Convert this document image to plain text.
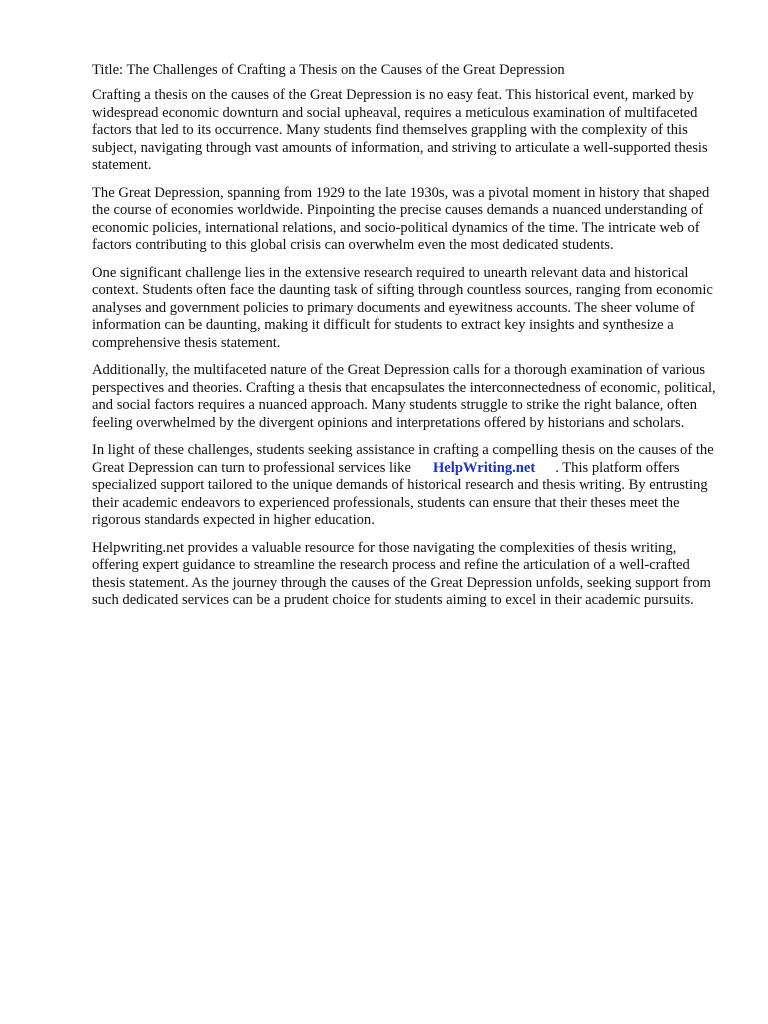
Title: The Challenges of Crafting a Thesis on the Causes of the Great Depression

Crafting a thesis on the causes of the Great Depression is no easy feat. This historical event, marked by widespread economic downturn and social upheaval, requires a meticulous examination of multifaceted factors that led to its occurrence. Many students find themselves grappling with the complexity of this subject, navigating through vast amounts of information, and striving to articulate a well-supported thesis statement.

The Great Depression, spanning from 1929 to the late 1930s, was a pivotal moment in history that shaped the course of economies worldwide. Pinpointing the precise causes demands a nuanced understanding of economic policies, international relations, and socio-political dynamics of the time. The intricate web of factors contributing to this global crisis can overwhelm even the most dedicated students.

One significant challenge lies in the extensive research required to unearth relevant data and historical context. Students often face the daunting task of sifting through countless sources, ranging from economic analyses and government policies to primary documents and eyewitness accounts. The sheer volume of information can be daunting, making it difficult for students to extract key insights and synthesize a comprehensive thesis statement.

Additionally, the multifaceted nature of the Great Depression calls for a thorough examination of various perspectives and theories. Crafting a thesis that encapsulates the interconnectedness of economic, political, and social factors requires a nuanced approach. Many students struggle to strike the right balance, often feeling overwhelmed by the divergent opinions and interpretations offered by historians and scholars.

In light of these challenges, students seeking assistance in crafting a compelling thesis on the causes of the Great Depression can turn to professional services like HelpWriting.net . This platform offers specialized support tailored to the unique demands of historical research and thesis writing. By entrusting their academic endeavors to experienced professionals, students can ensure that their theses meet the rigorous standards expected in higher education.

Helpwriting.net provides a valuable resource for those navigating the complexities of thesis writing, offering expert guidance to streamline the research process and refine the articulation of a well-crafted thesis statement. As the journey through the causes of the Great Depression unfolds, seeking support from such dedicated services can be a prudent choice for students aiming to excel in their academic pursuits.
